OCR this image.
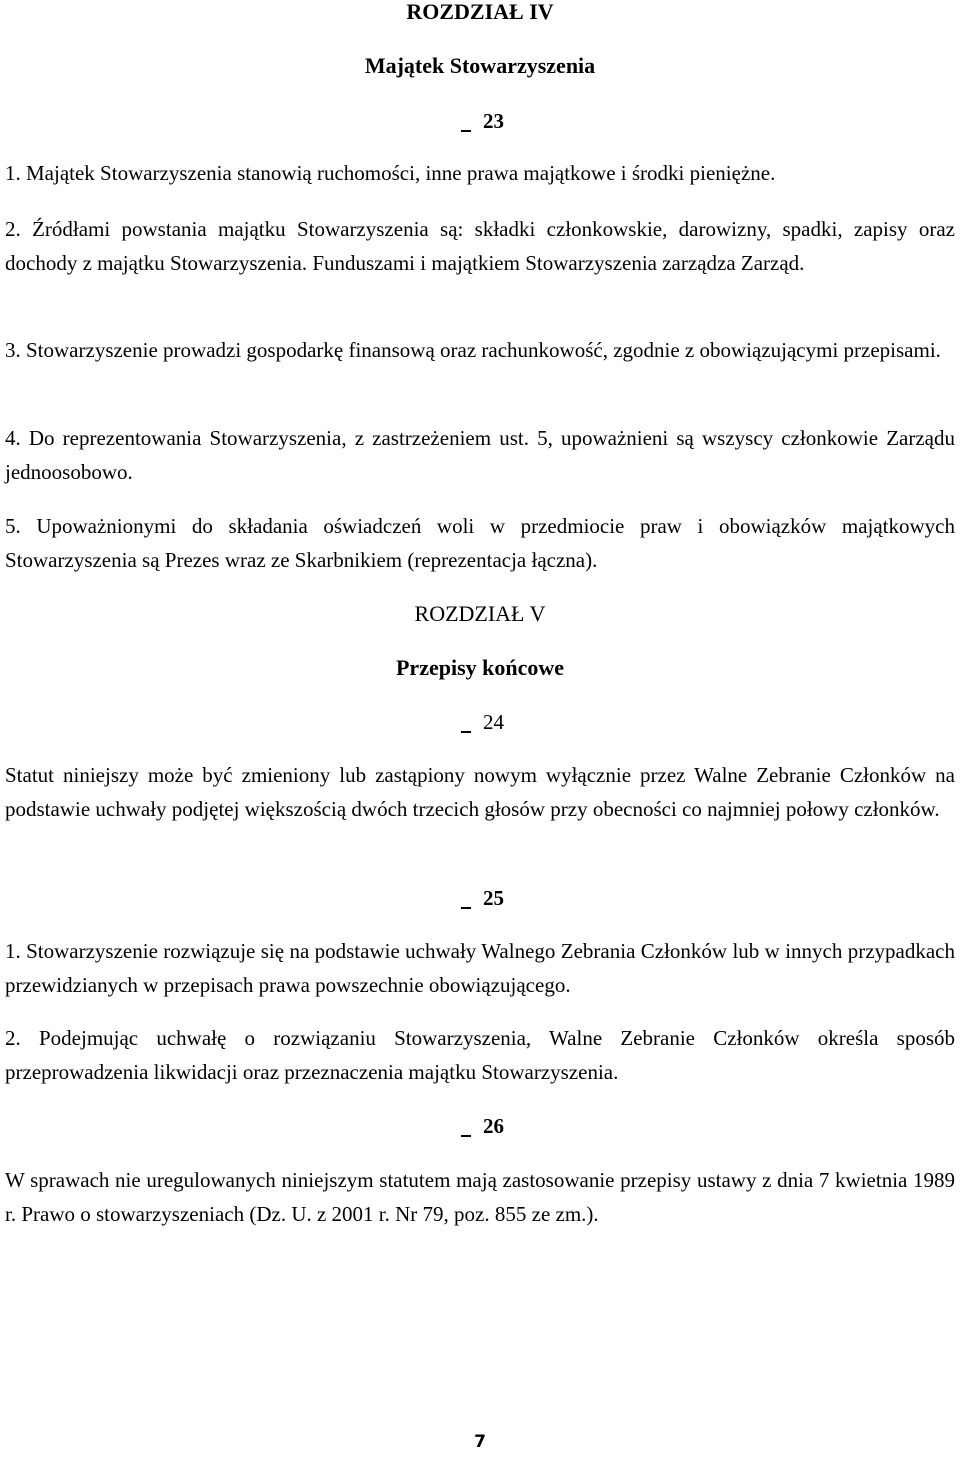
ROZDZIAŁ IV
Majątek Stowarzyszenia
23

1. Majątek Stowarzyszenia stanowią ruchomości, inne prawa majątkowe i środki pieniężne.

2. Źródłami powstania majątku Stowarzyszenia są: składki członkowskie, darowizny, spadki, zapisy oraz dochody z majątku Stowarzyszenia. Funduszami i majątkiem Stowarzyszenia zarządza Zarząd.

3. Stowarzyszenie prowadzi gospodarkę finansową oraz rachunkowość, zgodnie z obowiązującymi przepisami.

4. Do reprezentowania Stowarzyszenia, z zastrzeżeniem ust. 5, upoważnieni są wszyscy członkowie Zarządu jednoosobowo.

5. Upoważnionymi do składania oświadczeń woli w przedmiocie praw i obowiązków majątkowych Stowarzyszenia są Prezes wraz ze Skarbnikiem (reprezentacja łączna).

ROZDZIAŁ V
Przepisy końcowe
24

Statut niniejszy może być zmieniony lub zastąpiony nowym wyłącznie przez Walne Zebranie Członków na podstawie uchwały podjętej większością dwóch trzecich głosów przy obecności co najmniej połowy członków.

25

1. Stowarzyszenie rozwiązuje się na podstawie uchwały Walnego Zebrania Członków lub w innych przypadkach przewidzianych w przepisach prawa powszechnie obowiązującego.

2. Podejmując uchwałę o rozwiązaniu Stowarzyszenia, Walne Zebranie Członków określa sposób przeprowadzenia likwidacji oraz przeznaczenia majątku Stowarzyszenia.

26

W sprawach nie uregulowanych niniejszym statutem mają zastosowanie przepisy ustawy z dnia 7 kwietnia 1989 r. Prawo o stowarzyszeniach (Dz. U. z 2001 r. Nr 79, poz. 855 ze zm.).

7
